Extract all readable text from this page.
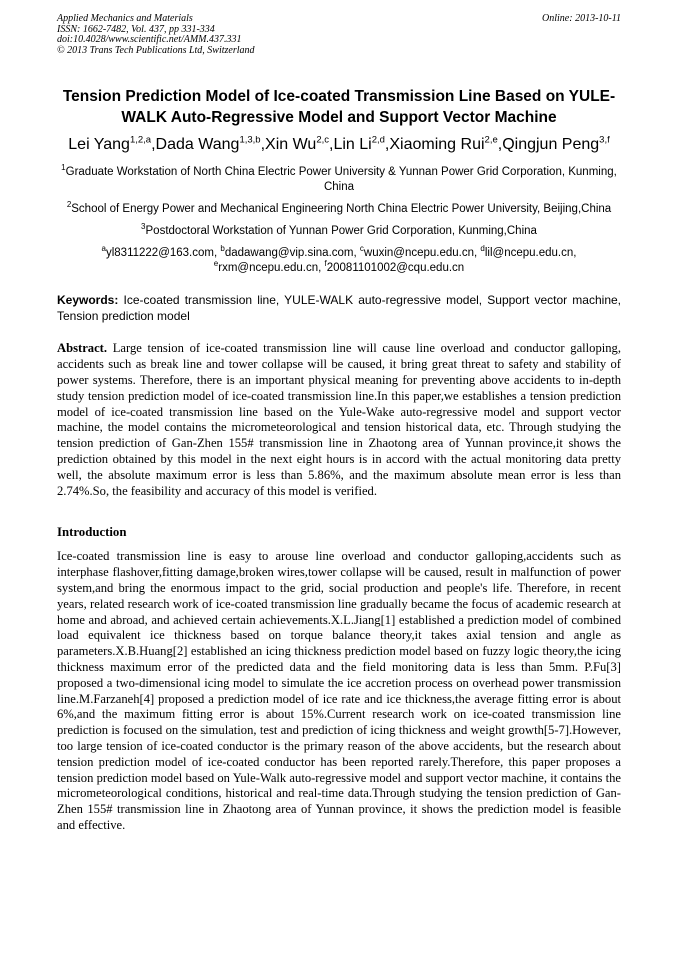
Applied Mechanics and Materials
ISSN: 1662-7482, Vol. 437, pp 331-334
doi:10.4028/www.scientific.net/AMM.437.331
© 2013 Trans Tech Publications Ltd, Switzerland
Online: 2013-10-11
Tension Prediction Model of Ice-coated Transmission Line Based on YULE-WALK Auto-Regressive Model and Support Vector Machine

Lei Yang$^{1,2,a}$,Dada Wang$^{1,3,b}$,Xin Wu$^{2,c}$,Lin Li$^{2,d}$,Xiaoming Rui$^{2,e}$,Qingjun Peng$^{3,f}$

$^1$Graduate Workstation of North China Electric Power University & Yunnan Power Grid Corporation, Kunming, China

$^2$School of Energy Power and Mechanical Engineering North China Electric Power University, Beijing,China

$^3$Postdoctoral Workstation of Yunnan Power Grid Corporation, Kunming,China

$^a$yl8311222@163.com, $^b$dadawang@vip.sina.com, $^c$wuxin@ncepu.edu.cn, $^d$lil@ncepu.edu.cn, $^e$rxm@ncepu.edu.cn, $^f$20081101002@cqu.edu.cn

Keywords: Ice-coated transmission line, YULE-WALK auto-regressive model, Support vector machine, Tension prediction model

Abstract. Large tension of ice-coated transmission line will cause line overload and conductor galloping, accidents such as break line and tower collapse will be caused, it bring great threat to safety and stability of power systems. Therefore, there is an important physical meaning for preventing above accidents to in-depth study tension prediction model of ice-coated transmission line.In this paper,we establishes a tension prediction model of ice-coated transmission line based on the Yule-Wake auto-regressive model and support vector machine, the model contains the micrometeorological and tension historical data, etc. Through studying the tension prediction of Gan-Zhen 155# transmission line in Zhaotong area of Yunnan province,it shows the prediction obtained by this model in the next eight hours is in accord with the actual monitoring data pretty well, the absolute maximum error is less than 5.86%, and the maximum absolute mean error is less than 2.74%.So, the feasibility and accuracy of this model is verified.

Introduction

Ice-coated transmission line is easy to arouse line overload and conductor galloping,accidents such as interphase flashover,fitting damage,broken wires,tower collapse will be caused, result in malfunction of power system,and bring the enormous impact to the grid, social production and people's life. Therefore, in recent years, related research work of ice-coated transmission line gradually became the focus of academic research at home and abroad, and achieved certain achievements.X.L.Jiang[1] established a prediction model of combined load equivalent ice thickness based on torque balance theory,it takes axial tension and angle as parameters.X.B.Huang[2] established an icing thickness prediction model based on fuzzy logic theory,the icing thickness maximum error of the predicted data and the field monitoring data is less than 5mm. P.Fu[3] proposed a two-dimensional icing model to simulate the ice accretion process on overhead power transmission line.M.Farzaneh[4] proposed a prediction model of ice rate and ice thickness,the average fitting error is about 6%,and the maximum fitting error is about 15%.Current research work on ice-coated transmission line prediction is focused on the simulation, test and prediction of icing thickness and weight growth[5-7].However, too large tension of ice-coated conductor is the primary reason of the above accidents, but the research about tension prediction model of ice-coated conductor has been reported rarely.Therefore, this paper proposes a tension prediction model based on Yule-Walk auto-regressive model and support vector machine, it contains the micrometeorological conditions, historical and real-time data.Through studying the tension prediction of Gan-Zhen 155# transmission line in Zhaotong area of Yunnan province, it shows the prediction model is feasible and effective.
